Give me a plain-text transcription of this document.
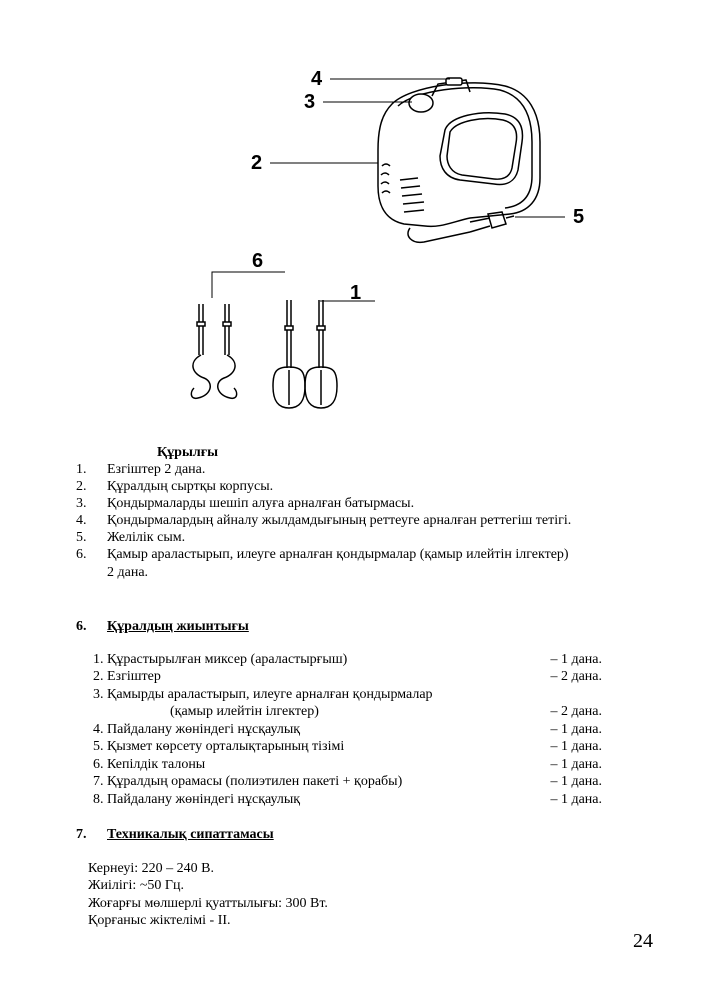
4
3
2
5
6
1
Құрылғы
1. Езгіштер 2 дана.
2. Құралдың сыртқы корпусы.
3. Қондырмаларды шешіп алуға арналған батырмасы.
4. Қондырмалардың айналу жылдамдығының реттеуге арналған реттегіш тетігі.
5. Желілік сым.
6. Қамыр араластырып, илеуге арналған қондырмалар (қамыр илейтін ілгектер)
2 дана.
6. Құралдың жиынтығы
1. Құрастырылған миксер (араластырғыш)	– 1 дана.
2. Езгіштер	– 2 дана.
3. Қамырды араластырып, илеуге арналған қондырмалар
(қамыр илейтін ілгектер)	– 2 дана.
4. Пайдалану жөніндегі нұсқаулық	– 1 дана.
5. Қызмет көрсету орталықтарының тізімі	– 1 дана.
6. Кепілдік талоны	– 1 дана.
7. Құралдың орамасы (полиэтилен пакеті + қорабы)	– 1 дана.
8. Пайдалану жөніндегі нұсқаулық	– 1 дана.
7. Техникалық сипаттамасы
Кернеуі: 220 – 240 В.
Жиілігі: ~50 Гц.
Жоғарғы мөлшерлі қуаттылығы: 300 Вт.
Қорғаныс жіктелімі - II.
24
